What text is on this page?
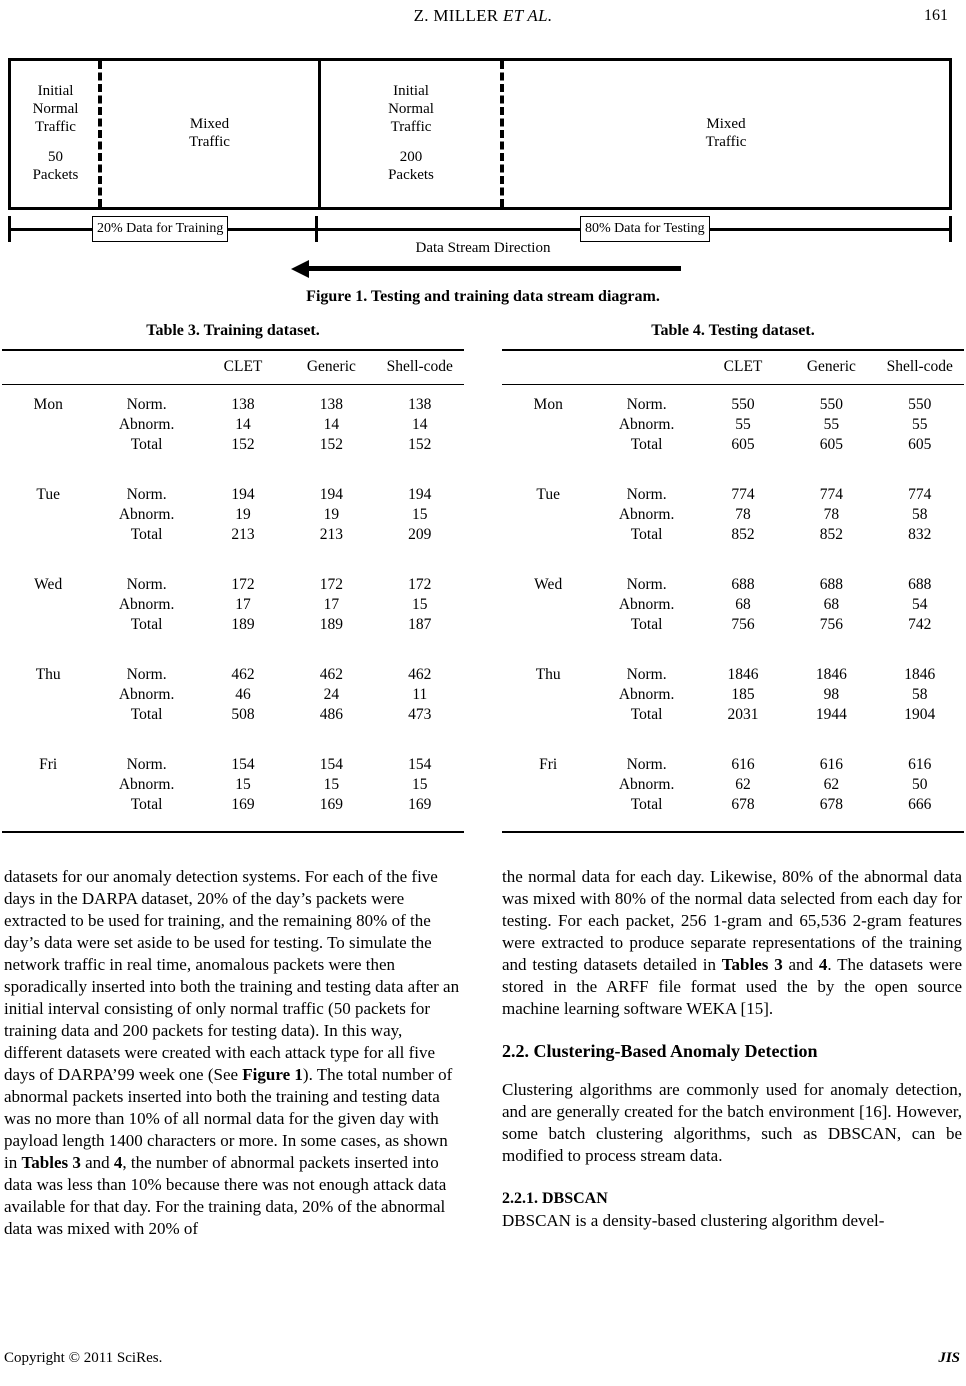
Z. MILLER ET AL.	161
Initial
Normal
Traffic
50
Packets
Mixed
Traffic
Initial
Normal
Traffic
200
Packets
Mixed
Traffic
20% Data for Training	80% Data for Testing
Data Stream Direction
Figure 1. Testing and training data stream diagram.
Table 3. Training dataset.
		CLET	Generic	Shell-code

Mon	Norm.	138	138	138
	Abnorm.	14	14	14
	Total	152	152	152

Tue	Norm.	194	194	194
	Abnorm.	19	19	15
	Total	213	213	209

Wed	Norm.	172	172	172
	Abnorm.	17	17	15
	Total	189	189	187

Thu	Norm.	462	462	462
	Abnorm.	46	24	11
	Total	508	486	473

Fri	Norm.	154	154	154
	Abnorm.	15	15	15
	Total	169	169	169

Table 4. Testing dataset.
		CLET	Generic	Shell-code

Mon	Norm.	550	550	550
	Abnorm.	55	55	55
	Total	605	605	605

Tue	Norm.	774	774	774
	Abnorm.	78	78	58
	Total	852	852	832

Wed	Norm.	688	688	688
	Abnorm.	68	68	54
	Total	756	756	742

Thu	Norm.	1846	1846	1846
	Abnorm.	185	98	58
	Total	2031	1944	1904

Fri	Norm.	616	616	616
	Abnorm.	62	62	50
	Total	678	678	666

datasets for our anomaly detection systems. For each of the five days in the DARPA dataset, 20% of the day’s packets were extracted to be used for training, and the remaining 80% of the day’s data were set aside to be used for testing. To simulate the network traffic in real time, anomalous packets were then sporadically inserted into both the training and testing data after an initial interval consisting of only normal traffic (50 packets for training data and 200 packets for testing data). In this way, different datasets were created with each attack type for all five days of DARPA’99 week one (See Figure 1). The total number of abnormal packets inserted into both the training and testing data was no more than 10% of all normal data for the given day with payload length 1400 characters or more. In some cases, as shown in Tables 3 and 4, the number of abnormal packets inserted into data was less than 10% because there was not enough attack data available for that day. For the training data, 20% of the abnormal data was mixed with 20% of

the normal data for each day. Likewise, 80% of the abnormal data was mixed with 80% of the normal data selected from each day for testing. For each packet, 256 1-gram and 65,536 2-gram features were extracted to produce separate representations of the training and testing datasets detailed in Tables 3 and 4. The datasets were stored in the ARFF file format used the by the open source machine learning software WEKA [15].

2.2. Clustering-Based Anomaly Detection

Clustering algorithms are commonly used for anomaly detection, and are generally created for the batch environment [16]. However, some batch clustering algorithms, such as DBSCAN, can be modified to process stream data.

2.2.1. DBSCAN

DBSCAN is a density-based clustering algorithm devel-

Copyright © 2011 SciRes.	JIS
